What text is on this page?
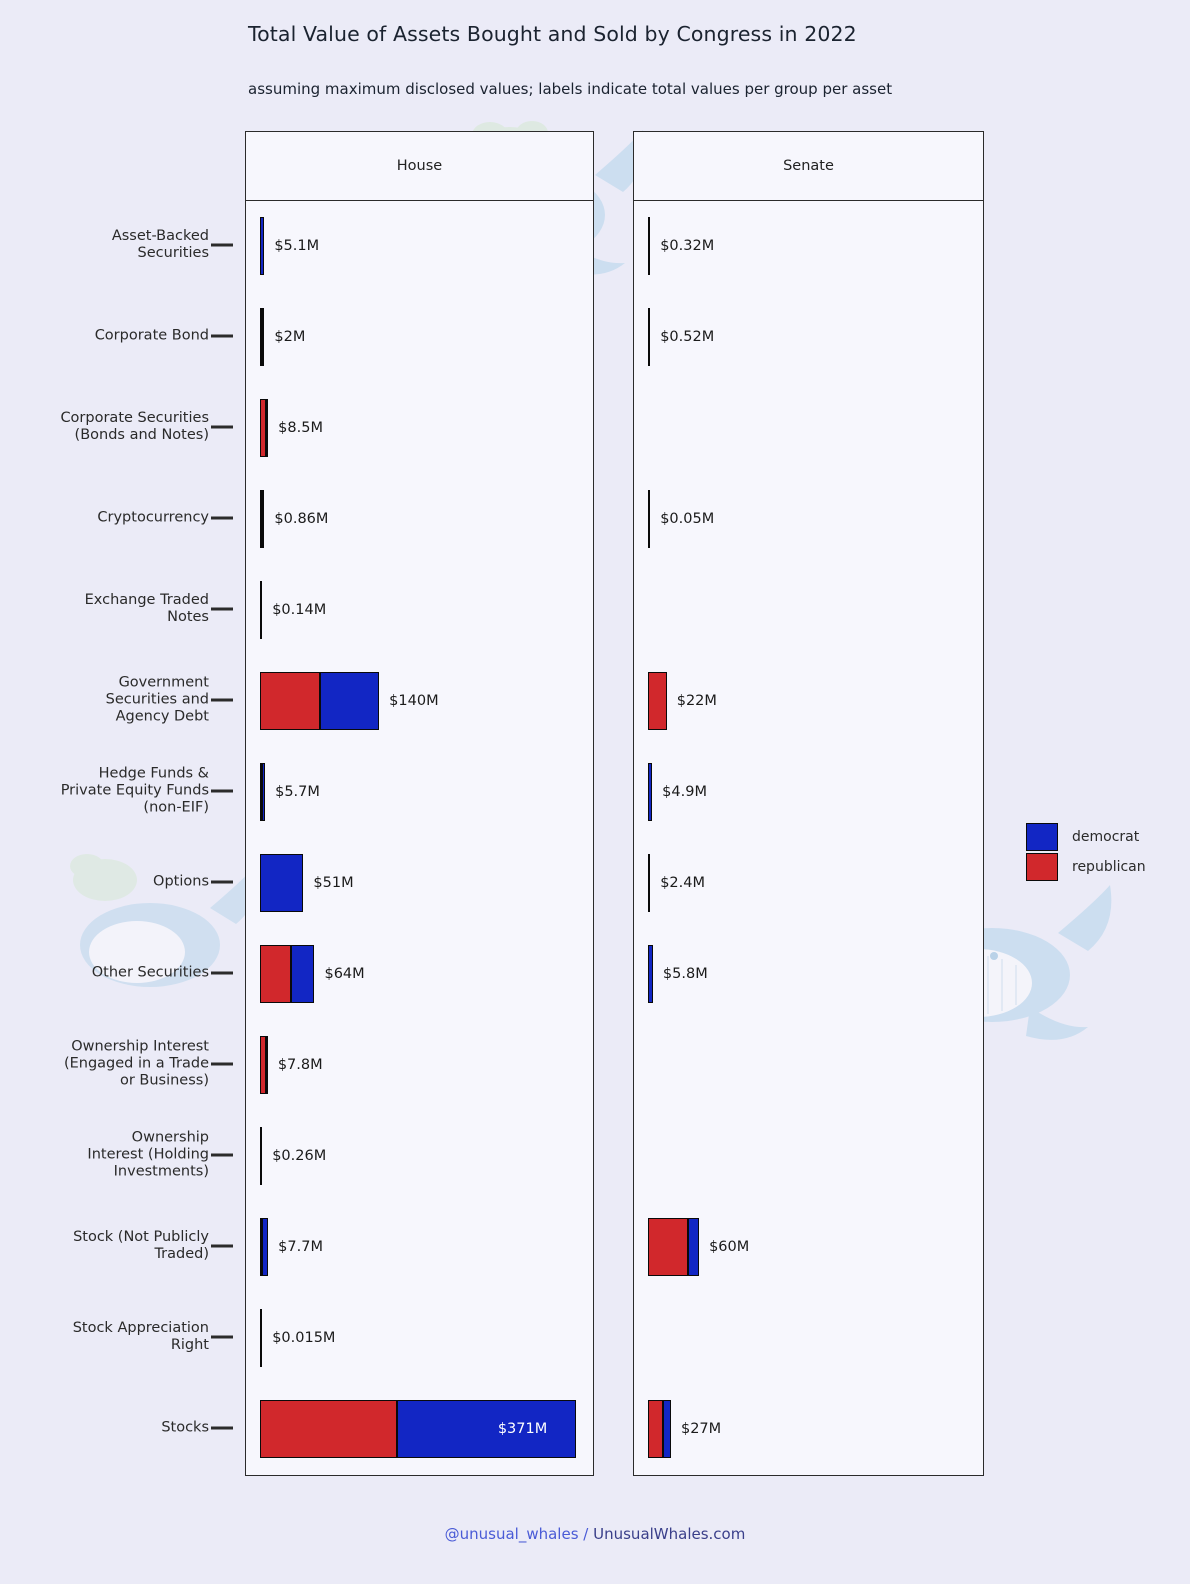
Total Value of Assets Bought and Sold by Congress in 2022
assuming maximum disclosed values; labels indicate total values per group per asset
Asset-Backed
Securities
Corporate Bond
Corporate Securities
(Bonds and Notes)
Cryptocurrency
Exchange Traded
Notes
Government
Securities and
Agency Debt
Hedge Funds &
Private Equity Funds
(non-EIF)
Options
Other Securities
Ownership Interest
(Engaged in a Trade
or Business)
Ownership
Interest (Holding
Investments)
Stock (Not Publicly
Traded)
Stock Appreciation
Right
Stocks
House
$5.1M
$2M
$8.5M
$0.86M
$0.14M
$140M
$5.7M
$51M
$64M
$7.8M
$0.26M
$7.7M
$0.015M
$371M
Senate
$0.32M
$0.52M
$0.05M
$22M
$4.9M
$2.4M
$5.8M
$60M
$27M
democrat
republican
@unusual_whales / UnusualWhales.com
